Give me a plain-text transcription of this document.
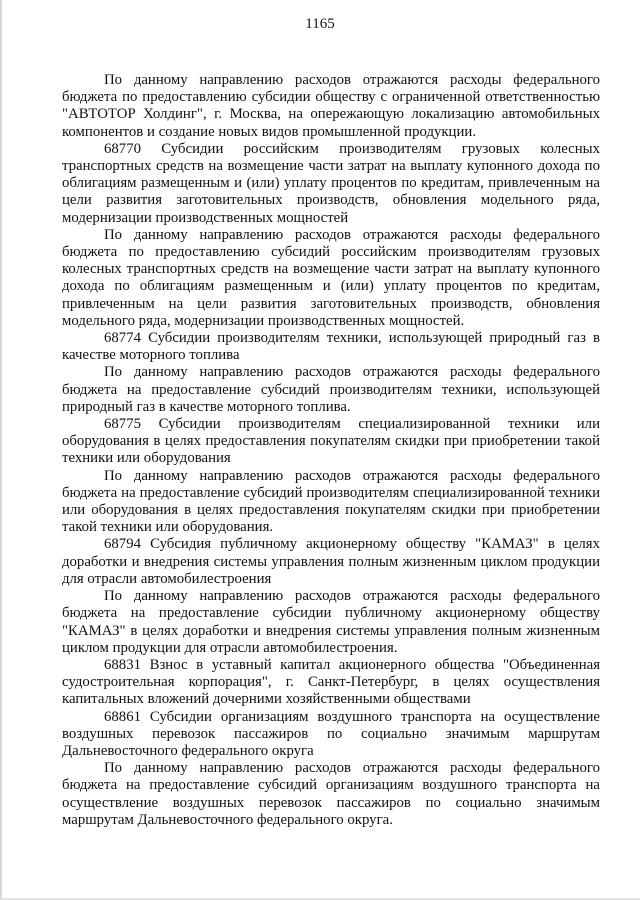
1165

По данному направлению расходов отражаются расходы федерального бюджета по предоставлению субсидии обществу с ограниченной ответственностью "АВТОТОР Холдинг", г. Москва, на опережающую локализацию автомобильных компонентов и создание новых видов промышленной продукции.

68770 Субсидии российским производителям грузовых колесных транспортных средств на возмещение части затрат на выплату купонного дохода по облигациям размещенным и (или) уплату процентов по кредитам, привлеченным на цели развития заготовительных производств, обновления модельного ряда, модернизации производственных мощностей

По данному направлению расходов отражаются расходы федерального бюджета по предоставлению субсидий российским производителям грузовых колесных транспортных средств на возмещение части затрат на выплату купонного дохода по облигациям размещенным и (или) уплату процентов по кредитам, привлеченным на цели развития заготовительных производств, обновления модельного ряда, модернизации производственных мощностей.

68774 Субсидии производителям техники, использующей природный газ в качестве моторного топлива

По данному направлению расходов отражаются расходы федерального бюджета на предоставление субсидий производителям техники, использующей природный газ в качестве моторного топлива.

68775 Субсидии производителям специализированной техники или оборудования в целях предоставления покупателям скидки при приобретении такой техники или оборудования

По данному направлению расходов отражаются расходы федерального бюджета на предоставление субсидий производителям специализированной техники или оборудования в целях предоставления покупателям скидки при приобретении такой техники или оборудования.

68794 Субсидия публичному акционерному обществу "КАМАЗ" в целях доработки и внедрения системы управления полным жизненным циклом продукции для отрасли автомобилестроения

По данному направлению расходов отражаются расходы федерального бюджета на предоставление субсидии публичному акционерному обществу "КАМАЗ" в целях доработки и внедрения системы управления полным жизненным циклом продукции для отрасли автомобилестроения.

68831 Взнос в уставный капитал акционерного общества "Объединенная судостроительная корпорация", г. Санкт-Петербург, в целях осуществления капитальных вложений дочерними хозяйственными обществами

68861 Субсидии организациям воздушного транспорта на осуществление воздушных перевозок пассажиров по социально значимым маршрутам Дальневосточного федерального округа

По данному направлению расходов отражаются расходы федерального бюджета на предоставление субсидий организациям воздушного транспорта на осуществление воздушных перевозок пассажиров по социально значимым маршрутам Дальневосточного федерального округа.
